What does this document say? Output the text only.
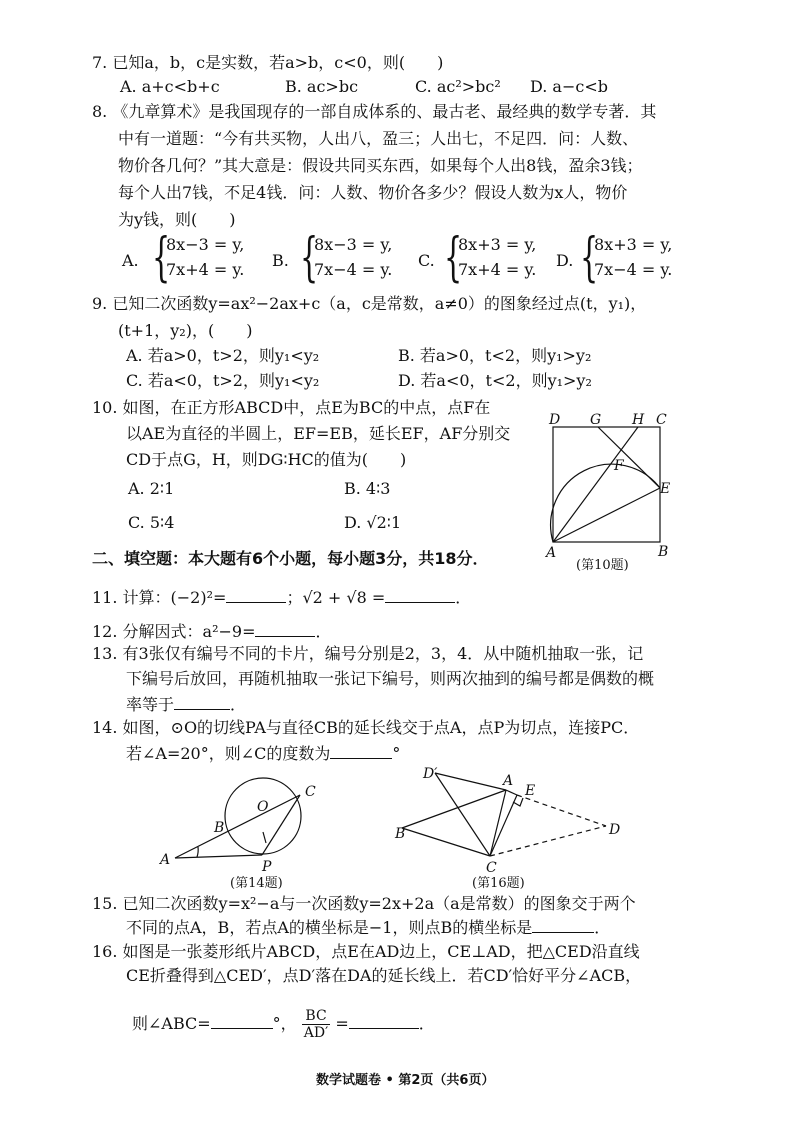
7. 已知a，b，c是实数，若a>b，c<0，则(　　)
A. a+c<b+c	B. ac>bc	C. ac²>bc² D. a−c<b
8. 《九章算术》是我国现存的一部自成体系的、最古老、最经典的数学专著．其
中有一道题：“今有共买物，人出八，盈三；人出七，不足四．问：人数、
物价各几何？”其大意是：假设共同买东西，如果每个人出8钱，盈余3钱；
每个人出7钱，不足4钱．问：人数、物价各多少？假设人数为x人，物价
为y钱，则(　　)
A. {
8x−3 = y,
7x+4 = y. B. {
8x−3 = y,
7x−4 = y. C. {
8x+3 = y,
7x+4 = y. D. {
8x+3 = y,
7x−4 = y.
9. 已知二次函数y=ax²−2ax+c（a，c是常数，a≠0）的图象经过点(t，y₁)，
(t+1，y₂)，(　　)
A. 若a>0，t>2，则y₁<y₂	B. 若a>0，t<2，则y₁>y₂
C. 若a<0，t>2，则y₁<y₂	D. 若a<0，t<2，则y₁>y₂
10. 如图，在正方形ABCD中，点E为BC的中点，点F在
以AE为直径的半圆上，EF=EB，延长EF，AF分别交
CD于点G，H，则DG∶HC的值为(　　)
A. 2∶1	B. 4∶3
C. 5∶4	D. √2∶1
D G H C
F
E
A	B
(第10题)
二、填空题：本大题有6个小题，每小题3分，共18分．
11. 计算：(−2)²=	；√2 + √8 =	．
12. 分解因式：a²−9=	．
13. 有3张仅有编号不同的卡片，编号分别是2，3，4．从中随机抽取一张，记
下编号后放回，再随机抽取一张记下编号，则两次抽到的编号都是偶数的概
率等于	．
14. 如图，⊙O的切线PA与直径CB的延长线交于点A，点P为切点，连接PC．
若∠A=20°，则∠C的度数为	°
O
C
B
A	P
(第14题)
D′	A
E
B	D
C
(第16题)
15. 已知二次函数y=x²−a与一次函数y=2x+2a（a是常数）的图象交于两个
不同的点A，B，若点A的横坐标是−1，则点B的横坐标是	．
16. 如图是一张菱形纸片ABCD，点E在AD边上，CE⊥AD，把△CED沿直线
CE折叠得到△CED′，点D′落在DA的延长线上．若CD′恰好平分∠ACB，
则∠ABC=	°， $\frac{BC}{AD'}$ =	．
数学试题卷 • 第2页（共6页）
